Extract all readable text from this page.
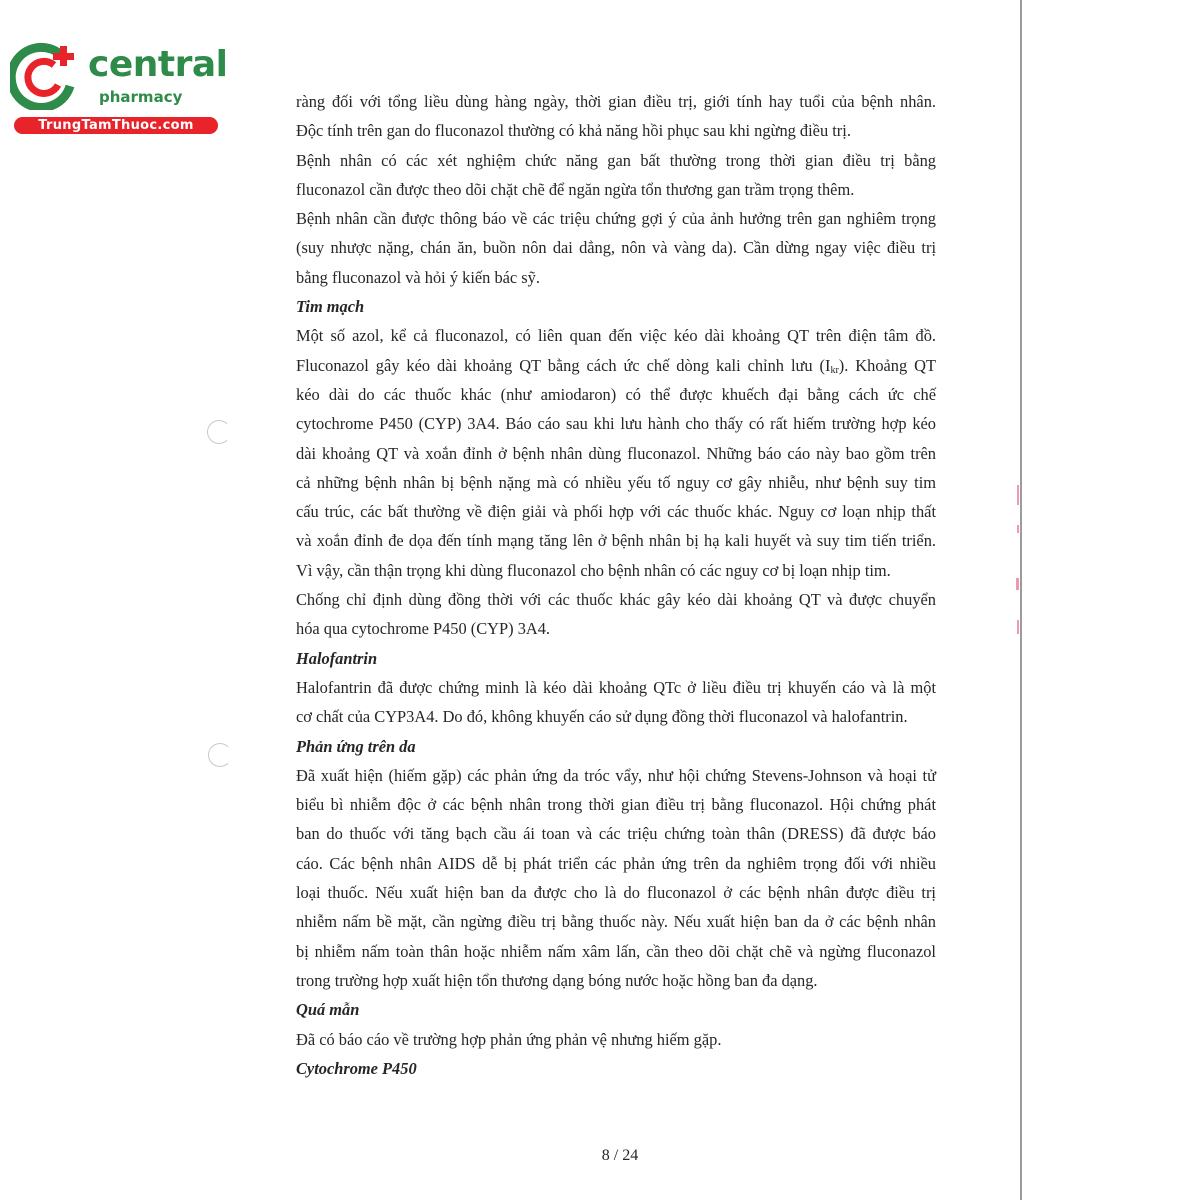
central
pharmacy
TrungTamThuoc.com
ràng đối với tổng liều dùng hàng ngày, thời gian điều trị, giới tính hay tuổi của bệnh nhân.
Độc tính trên gan do fluconazol thường có khả năng hồi phục sau khi ngừng điều trị.
Bệnh nhân có các xét nghiệm chức năng gan bất thường trong thời gian điều trị bằng
fluconazol cần được theo dõi chặt chẽ để ngăn ngừa tổn thương gan trầm trọng thêm.
Bệnh nhân cần được thông báo về các triệu chứng gợi ý của ảnh hưởng trên gan nghiêm trọng
(suy nhược nặng, chán ăn, buồn nôn dai dẳng, nôn và vàng da). Cần dừng ngay việc điều trị
bằng fluconazol và hỏi ý kiến bác sỹ.
Tim mạch
Một số azol, kể cả fluconazol, có liên quan đến việc kéo dài khoảng QT trên điện tâm đồ.
Fluconazol gây kéo dài khoảng QT bằng cách ức chế dòng kali chỉnh lưu $(I_{kr})$. Khoảng QT
kéo dài do các thuốc khác (như amiodaron) có thể được khuếch đại bằng cách ức chế
cytochrome P450 (CYP) 3A4. Báo cáo sau khi lưu hành cho thấy có rất hiếm trường hợp kéo
dài khoảng QT và xoắn đỉnh ở bệnh nhân dùng fluconazol. Những báo cáo này bao gồm trên
cả những bệnh nhân bị bệnh nặng mà có nhiều yếu tố nguy cơ gây nhiễu, như bệnh suy tim
cấu trúc, các bất thường về điện giải và phối hợp với các thuốc khác. Nguy cơ loạn nhịp thất
và xoắn đỉnh đe dọa đến tính mạng tăng lên ở bệnh nhân bị hạ kali huyết và suy tim tiến triển.
Vì vậy, cần thận trọng khi dùng fluconazol cho bệnh nhân có các nguy cơ bị loạn nhịp tim.
Chống chỉ định dùng đồng thời với các thuốc khác gây kéo dài khoảng QT và được chuyển
hóa qua cytochrome P450 (CYP) 3A4.
Halofantrin
Halofantrin đã được chứng minh là kéo dài khoảng QTc ở liều điều trị khuyến cáo và là một
cơ chất của CYP3A4. Do đó, không khuyến cáo sử dụng đồng thời fluconazol và halofantrin.
Phản ứng trên da
Đã xuất hiện (hiếm gặp) các phản ứng da tróc vẩy, như hội chứng Stevens-Johnson và hoại tử
biểu bì nhiễm độc ở các bệnh nhân trong thời gian điều trị bằng fluconazol. Hội chứng phát
ban do thuốc với tăng bạch cầu ái toan và các triệu chứng toàn thân (DRESS) đã được báo
cáo. Các bệnh nhân AIDS dễ bị phát triển các phản ứng trên da nghiêm trọng đối với nhiều
loại thuốc. Nếu xuất hiện ban da được cho là do fluconazol ở các bệnh nhân được điều trị
nhiễm nấm bề mặt, cần ngừng điều trị bằng thuốc này. Nếu xuất hiện ban da ở các bệnh nhân
bị nhiễm nấm toàn thân hoặc nhiễm nấm xâm lấn, cần theo dõi chặt chẽ và ngừng fluconazol
trong trường hợp xuất hiện tổn thương dạng bóng nước hoặc hồng ban đa dạng.
Quá mẫn
Đã có báo cáo về trường hợp phản ứng phản vệ nhưng hiếm gặp.
Cytochrome P450
8 / 24
